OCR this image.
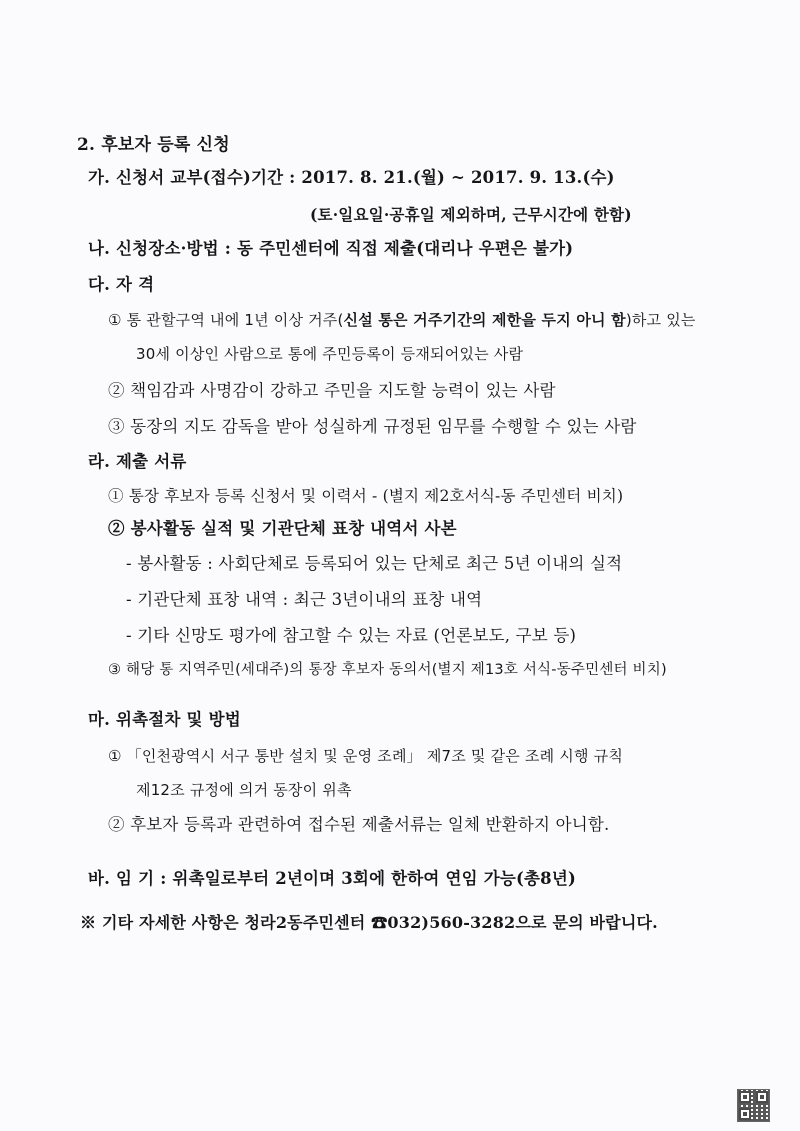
2. 후보자 등록 신청
가. 신청서 교부(접수)기간 : 2017. 8. 21.(월) ~ 2017. 9. 13.(수)
(토·일요일·공휴일 제외하며, 근무시간에 한함)
나. 신청장소·방법 : 동 주민센터에 직접 제출(대리나 우편은 불가)
다. 자 격
① 통 관할구역 내에 1년 이상 거주(신설 통은 거주기간의 제한을 두지 아니 함)하고 있는
30세 이상인 사람으로 통에 주민등록이 등재되어있는 사람
② 책임감과 사명감이 강하고 주민을 지도할 능력이 있는 사람
③ 동장의 지도 감독을 받아 성실하게 규정된 임무를 수행할 수 있는 사람
라. 제출 서류
① 통장 후보자 등록 신청서 및 이력서 - (별지 제2호서식-동 주민센터 비치)
② 봉사활동 실적 및 기관단체 표창 내역서 사본
- 봉사활동 : 사회단체로 등록되어 있는 단체로 최근 5년 이내의 실적
- 기관단체 표창 내역 : 최근 3년이내의 표창 내역
- 기타 신망도 평가에 참고할 수 있는 자료 (언론보도, 구보 등)
③ 해당 통 지역주민(세대주)의 통장 후보자 동의서(별지 제13호 서식-동주민센터 비치)
마. 위촉절차 및 방법
① 「인천광역시 서구 통반 설치 및 운영 조례」 제7조 및 같은 조례 시행 규칙
제12조 규정에 의거 동장이 위촉
② 후보자 등록과 관련하여 접수된 제출서류는 일체 반환하지 아니함.
바. 임 기 : 위촉일로부터 2년이며 3회에 한하여 연임 가능(총8년)
※ 기타 자세한 사항은 청라2동주민센터 ☎032)560-3282으로 문의 바랍니다.
